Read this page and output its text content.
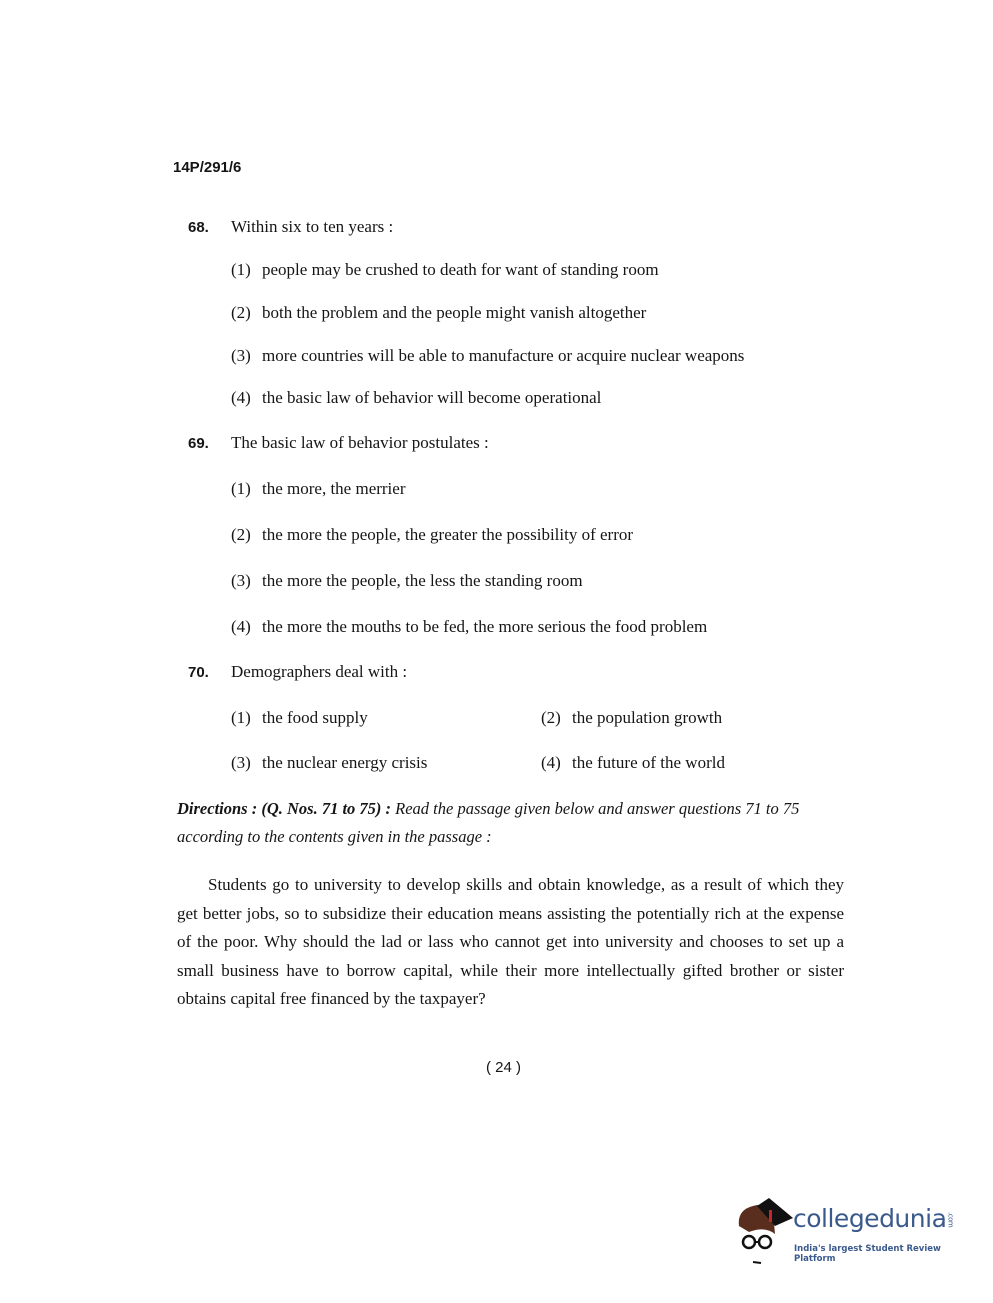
14P/291/6
68. Within six to ten years :
(1) people may be crushed to death for want of standing room
(2) both the problem and the people might vanish altogether
(3) more countries will be able to manufacture or acquire nuclear weapons
(4) the basic law of behavior will become operational
69. The basic law of behavior postulates :
(1) the more, the merrier
(2) the more the people, the greater the possibility of error
(3) the more the people, the less the standing room
(4) the more the mouths to be fed, the more serious the food problem
70. Demographers deal with :
(1) the food supply	(2) the population growth
(3) the nuclear energy crisis	(4) the future of the world
Directions : (Q. Nos. 71 to 75) : Read the passage given below and answer questions 71 to 75
according to the contents given in the passage :
Students go to university to develop skills and obtain knowledge, as a result of which they get better jobs, so to subsidize their education means assisting the potentially rich at the expense of the poor. Why should the lad or lass who cannot get into university and chooses to set up a small business have to borrow capital, while their more intellectually gifted brother or sister obtains capital free financed by the taxpayer?
( 24 )
collegedunia.com
India's largest Student Review Platform
